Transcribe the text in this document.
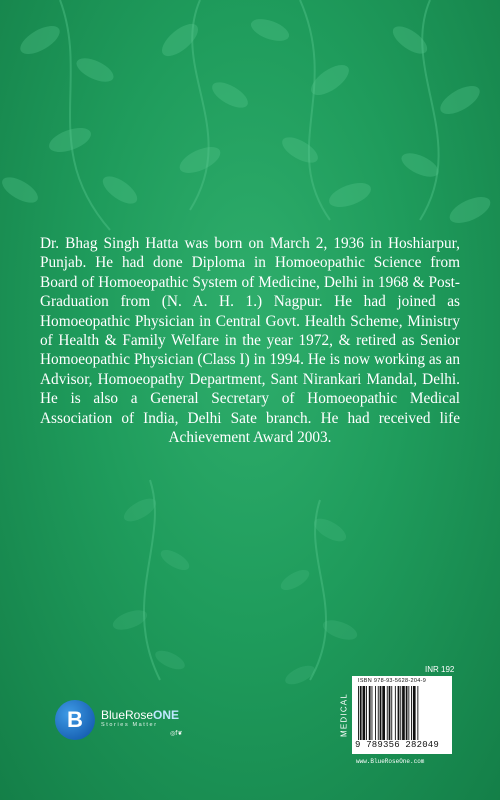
Dr. Bhag Singh Hatta was born on March 2, 1936 in Hoshiarpur, Punjab. He had done Diploma in Homoeopathic Science from Board of Homoeopathic System of Medicine, Delhi in 1968 & Post-Graduation from (N. A. H. 1.) Nagpur. He had joined as Homoeopathic Physician in Central Govt. Health Scheme, Ministry of Health & Family Welfare in the year 1972, & retired as Senior Homoeopathic Physician (Class I) in 1994. He is now working as an Advisor, Homoeopathy Department, Sant Nirankari Mandal, Delhi. He is also a General Secretary of Homoeopathic Medical Association of India, Delhi Sate branch. He had received life Achievement Award 2003.
B	BlueRoseONE
Stories Matter
◎f❦
INR 192
MEDICAL
ISBN 978-93-5628-204-9
9 789356 282049
www.BlueRoseOne.com
